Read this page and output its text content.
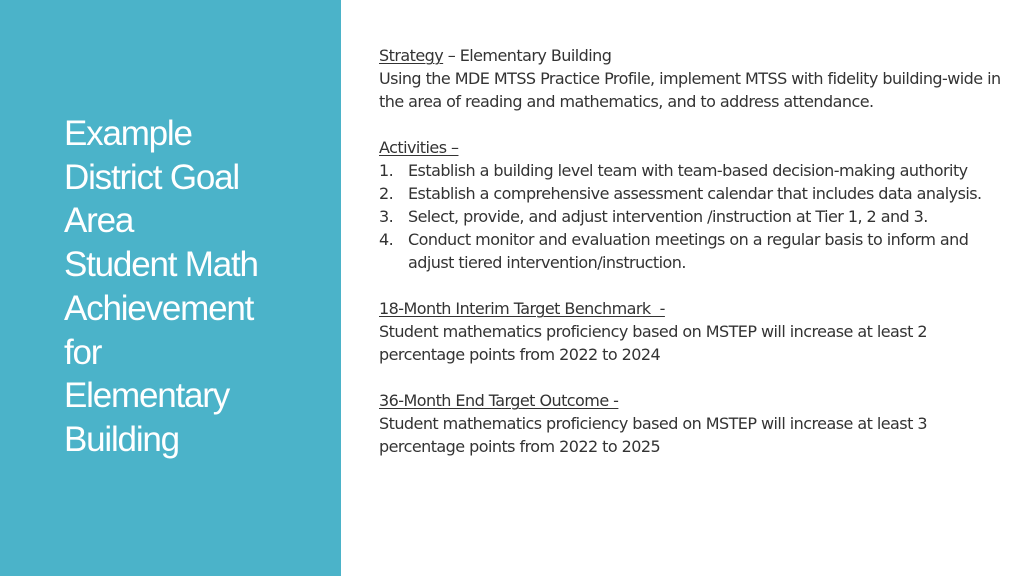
Example
District Goal
Area
Student Math
Achievement
for
Elementary
Building

Strategy – Elementary Building

Using the MDE MTSS Practice Profile, implement MTSS with fidelity building-wide in the area of reading and mathematics, and to address attendance.

Activities –

1. Establish a building level team with team-based decision-making authority
2. Establish a comprehensive assessment calendar that includes data analysis.
3. Select, provide, and adjust intervention /instruction at Tier 1, 2 and 3.
4. Conduct monitor and evaluation meetings on a regular basis to inform and adjust tiered intervention/instruction.

18-Month Interim Target Benchmark  -

Student mathematics proficiency based on MSTEP will increase at least 2 percentage points from 2022 to 2024

36-Month End Target Outcome -

Student mathematics proficiency based on MSTEP will increase at least 3 percentage points from 2022 to 2025
